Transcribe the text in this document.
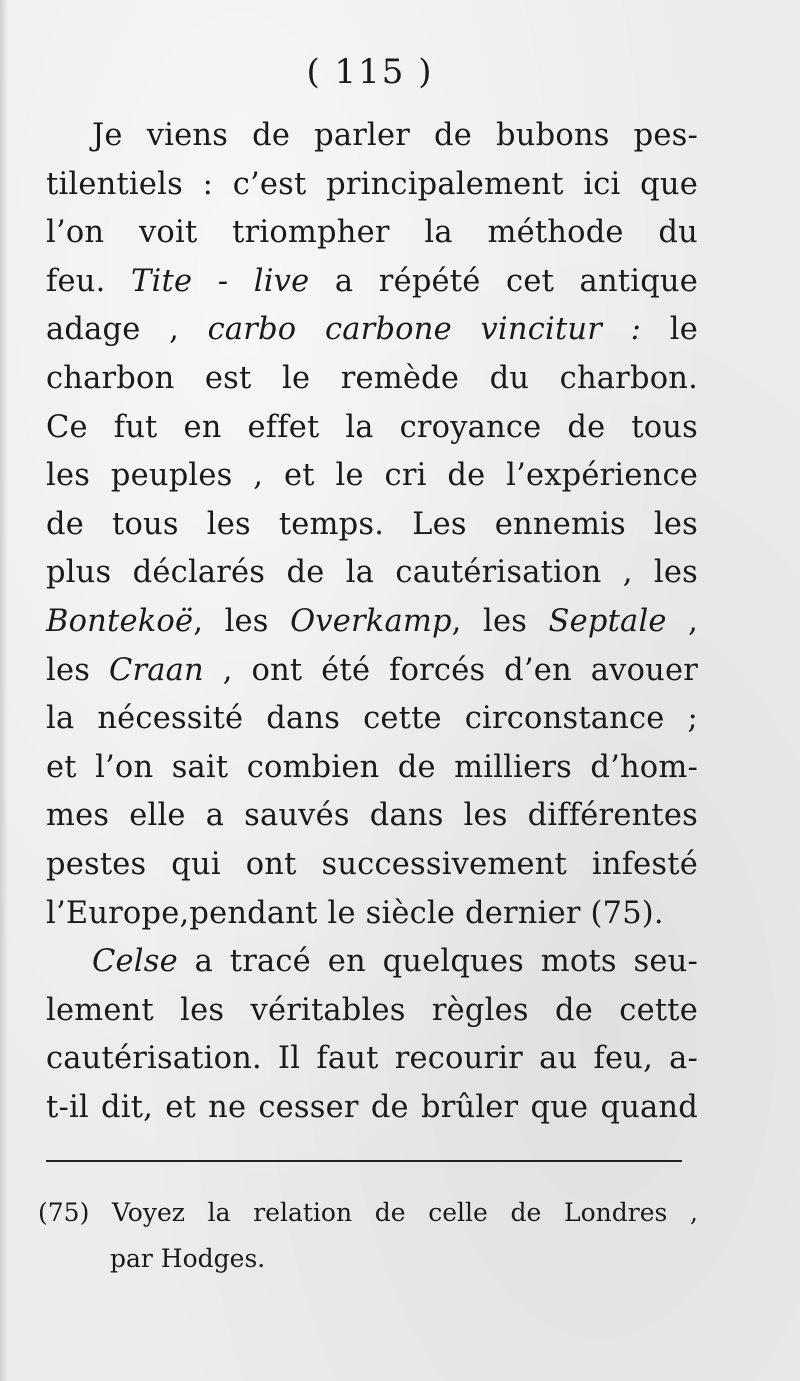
( 115 )
Je viens de parler de bubons pes-
tilentiels : c’est principalement ici que
l’on voit triompher la méthode du
feu. Tite - live a répété cet antique
adage , carbo carbone vincitur : le
charbon est le remède du charbon.
Ce fut en effet la croyance de tous
les peuples , et le cri de l’expérience
de tous les temps. Les ennemis les
plus déclarés de la cautérisation , les
Bontekoë, les Overkamp, les Septale ,
les Craan , ont été forcés d’en avouer
la nécessité dans cette circonstance ;
et l’on sait combien de milliers d’hom-
mes elle a sauvés dans les différentes
pestes qui ont successivement infesté
l’Europe,pendant le siècle dernier (75).
Celse a tracé en quelques mots seu-
lement les véritables règles de cette
cautérisation. Il faut recourir au feu, a-
t-il dit, et ne cesser de brûler que quand
(75) Voyez la relation de celle de Londres ,
par Hodges.
